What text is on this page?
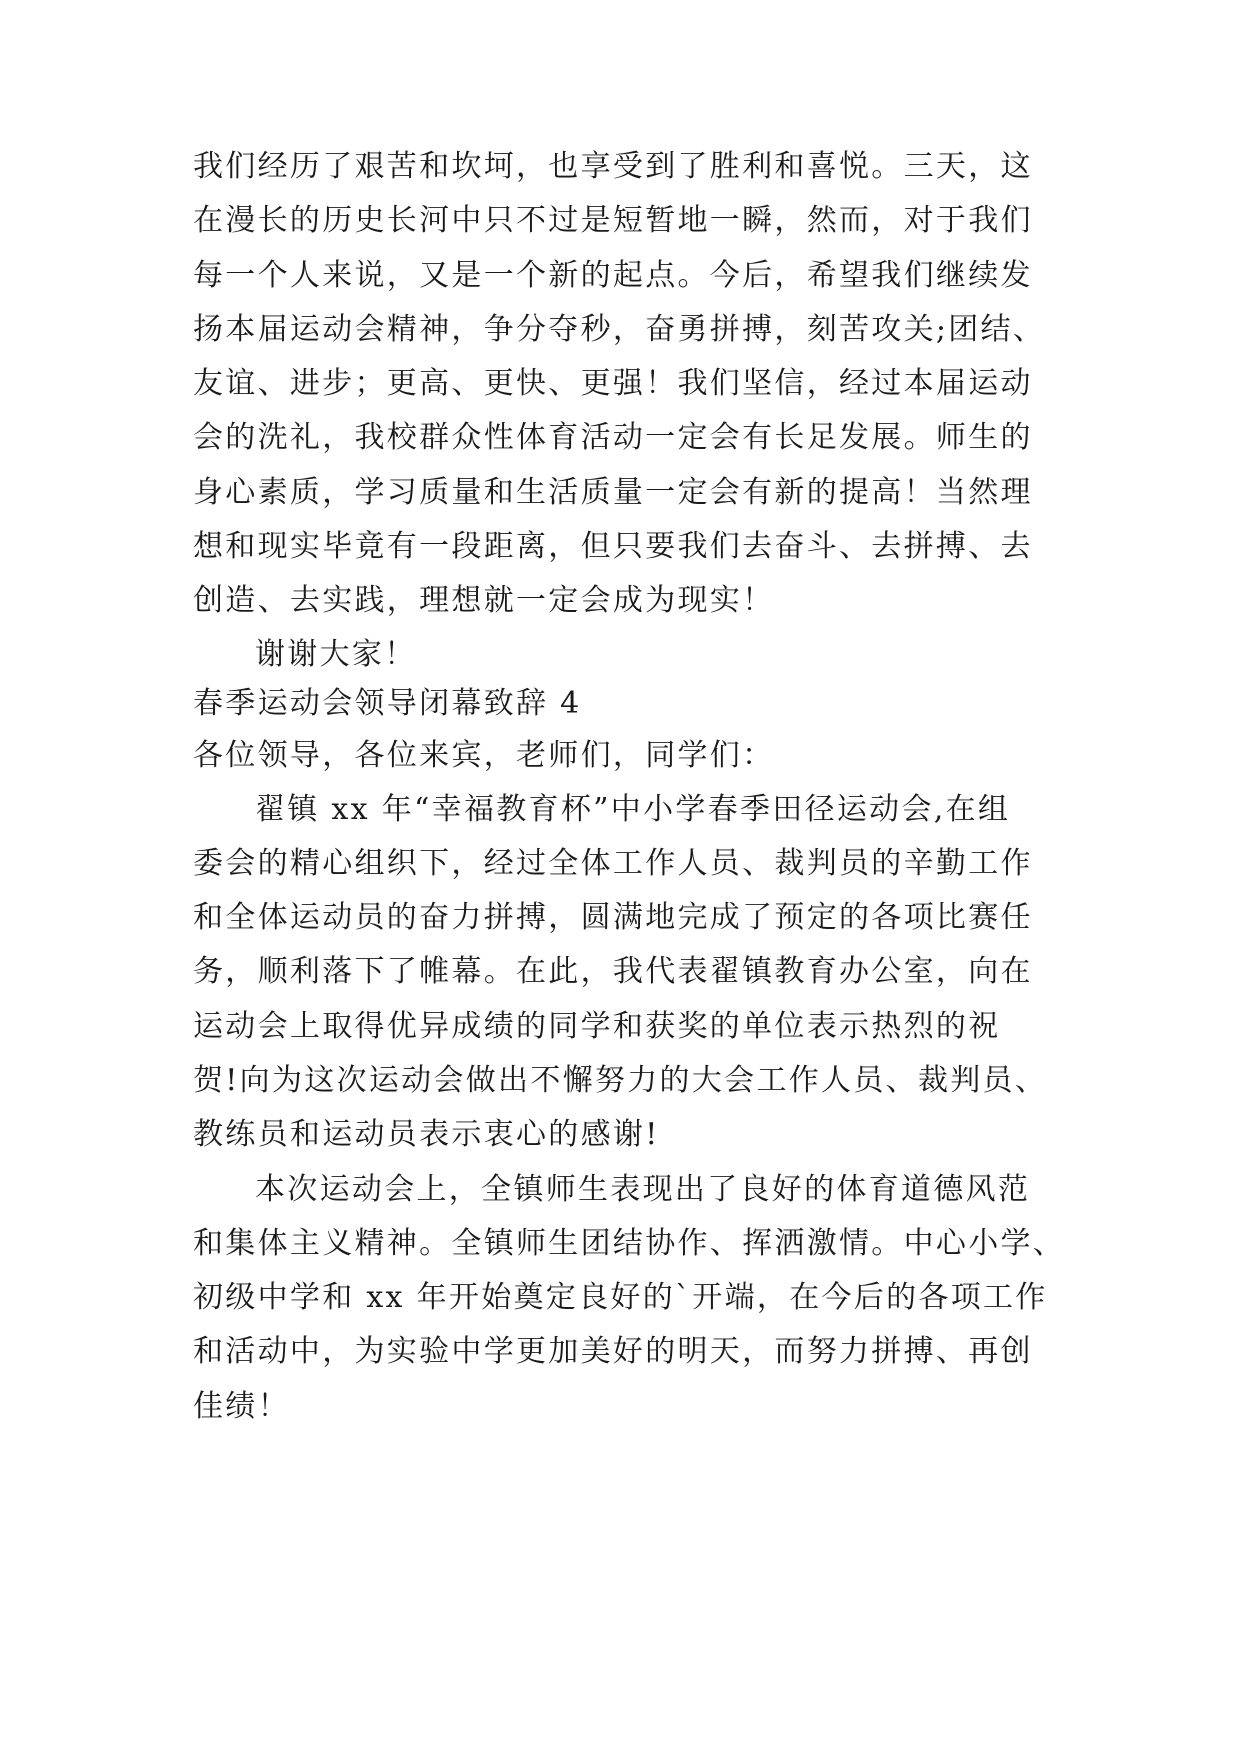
我们经历了艰苦和坎坷，也享受到了胜利和喜悦。三天，这
在漫长的历史长河中只不过是短暂地一瞬，然而，对于我们
每一个人来说，又是一个新的起点。今后，希望我们继续发
扬本届运动会精神，争分夺秒，奋勇拼搏，刻苦攻关;团结、
友谊、进步；更高、更快、更强！我们坚信，经过本届运动
会的洗礼，我校群众性体育活动一定会有长足发展。师生的
身心素质，学习质量和生活质量一定会有新的提高！当然理
想和现实毕竟有一段距离，但只要我们去奋斗、去拼搏、去
创造、去实践，理想就一定会成为现实！
谢谢大家！
春季运动会领导闭幕致辞 4
各位领导，各位来宾，老师们，同学们：
翟镇 xx 年“幸福教育杯”中小学春季田径运动会,在组
委会的精心组织下，经过全体工作人员、裁判员的辛勤工作
和全体运动员的奋力拼搏，圆满地完成了预定的各项比赛任
务，顺利落下了帷幕。在此，我代表翟镇教育办公室，向在
运动会上取得优异成绩的同学和获奖的单位表示热烈的祝
贺!向为这次运动会做出不懈努力的大会工作人员、裁判员、
教练员和运动员表示衷心的感谢!
本次运动会上，全镇师生表现出了良好的体育道德风范
和集体主义精神。全镇师生团结协作、挥洒激情。中心小学、
初级中学和 xx 年开始奠定良好的`开端，在今后的各项工作
和活动中，为实验中学更加美好的明天，而努力拼搏、再创
佳绩！
